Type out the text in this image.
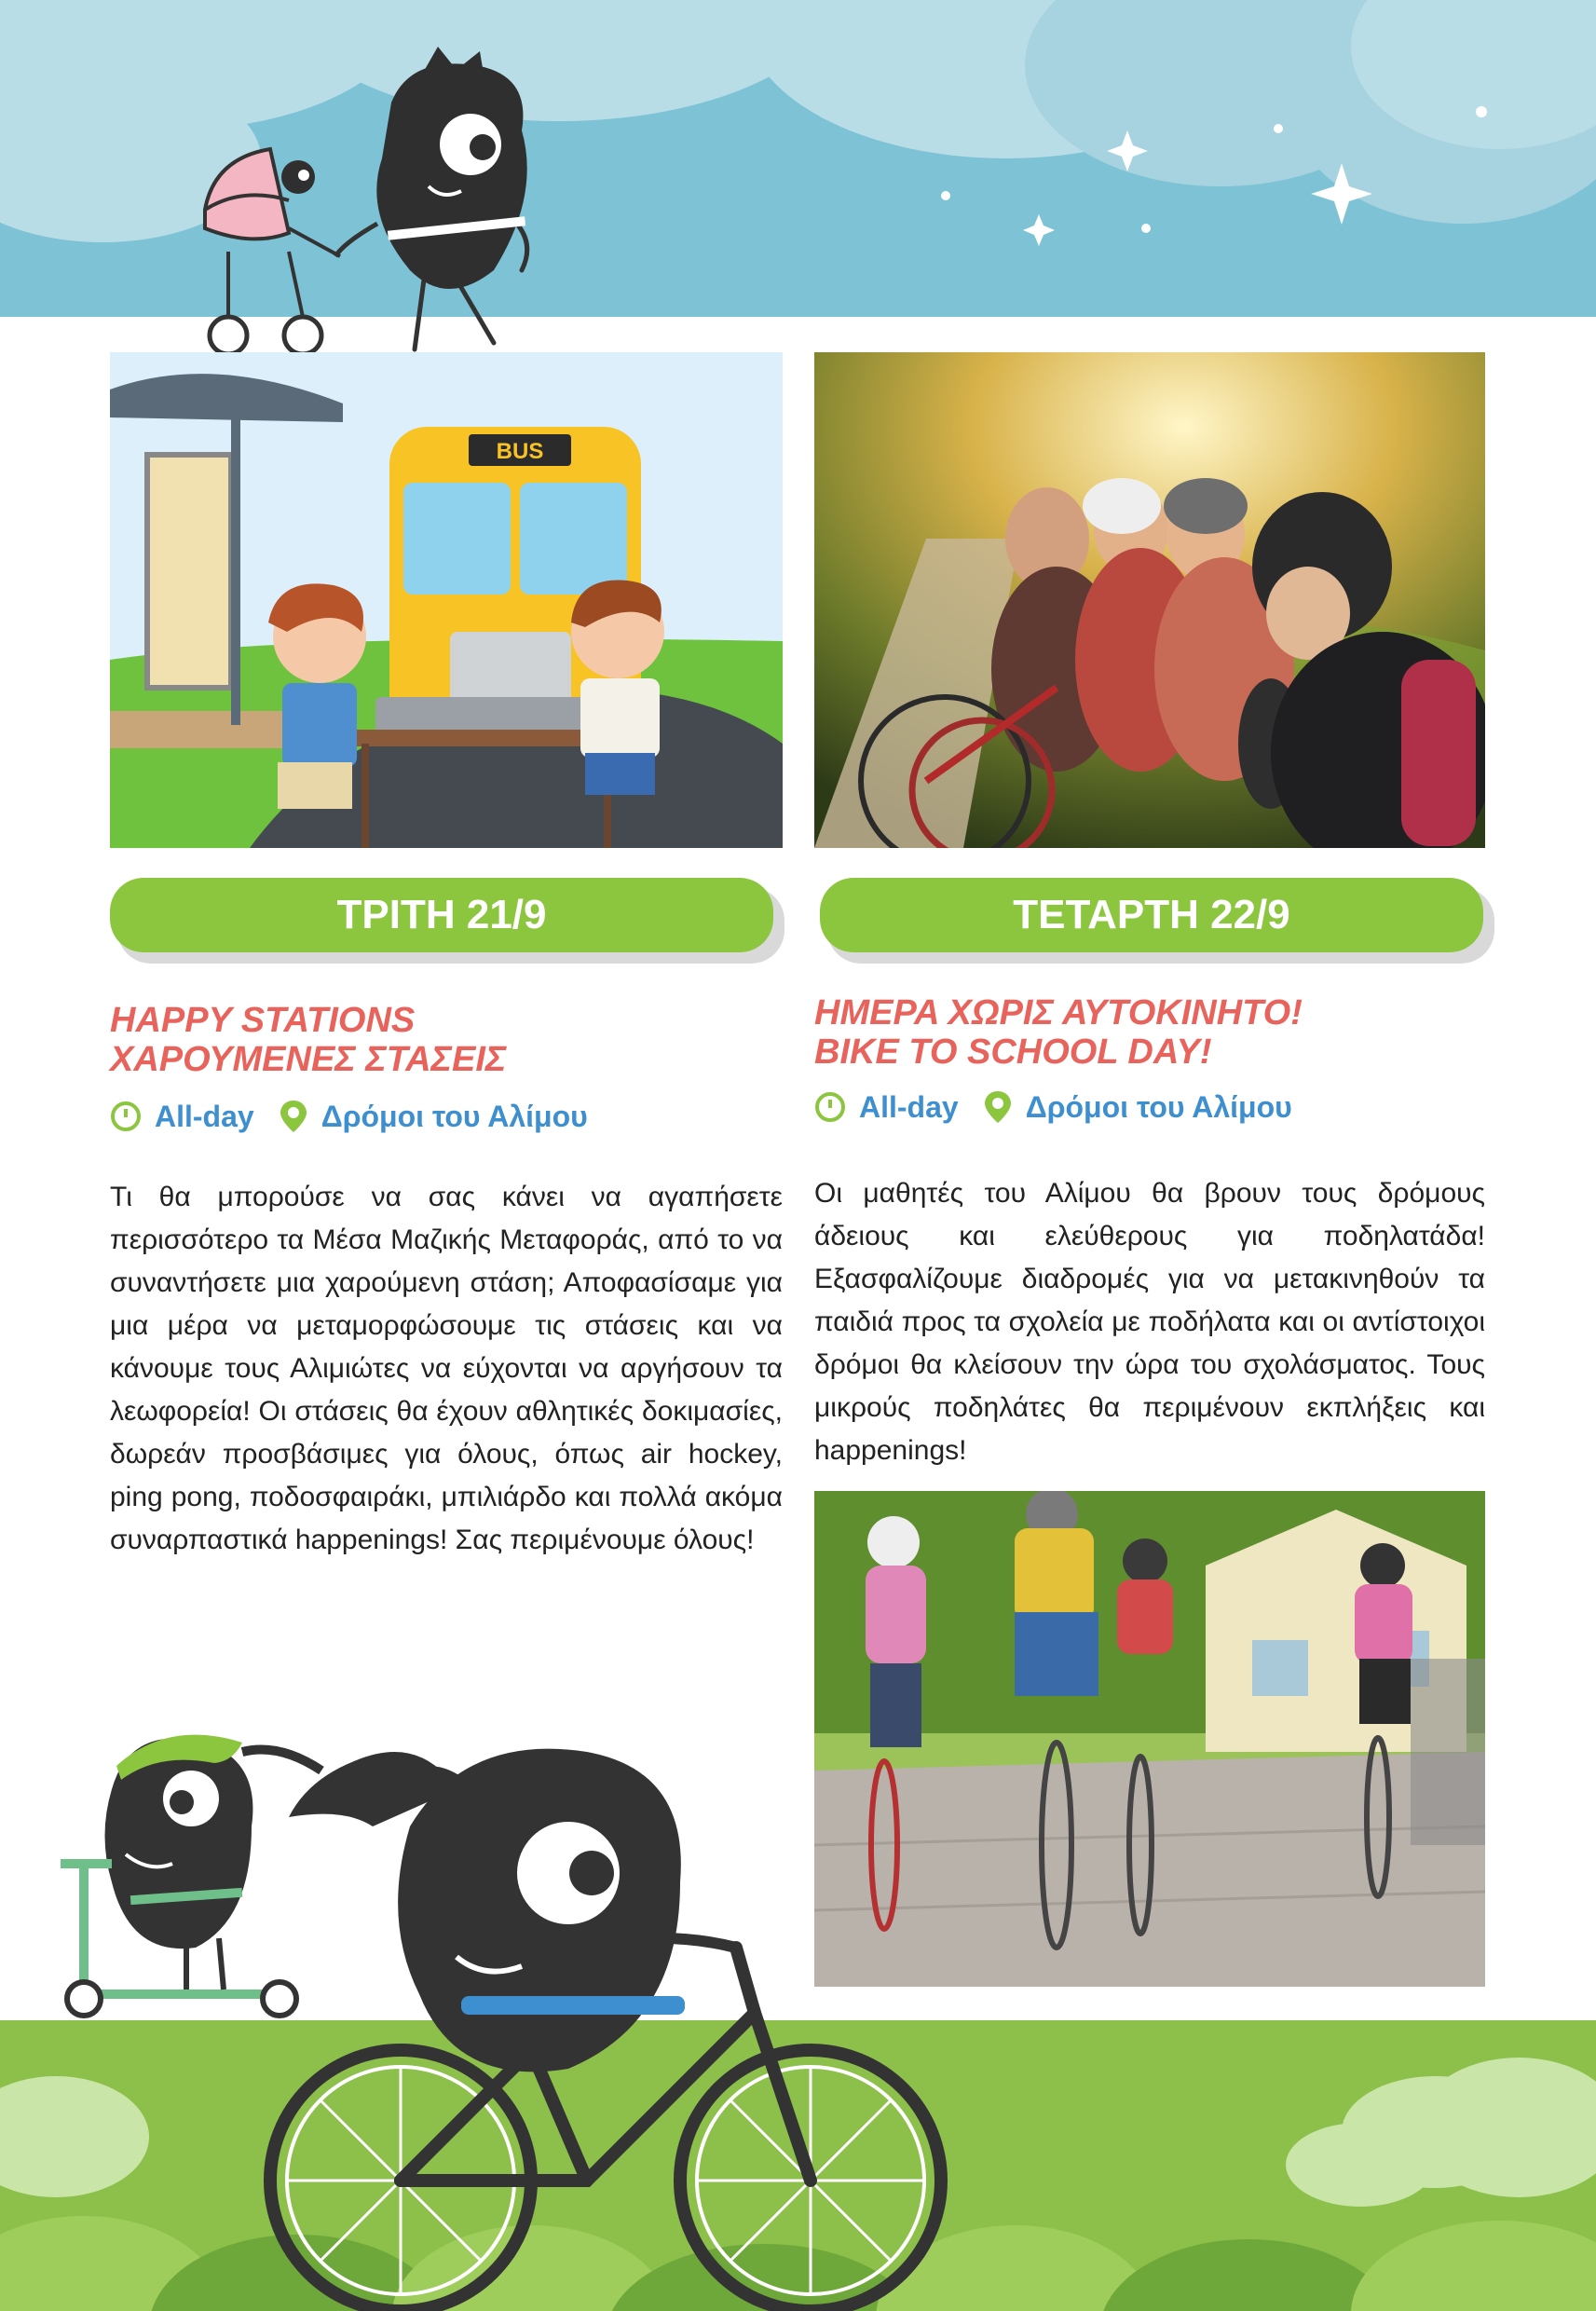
BUS
ΤΡΙΤΗ 21/9	ΤΕΤΑΡΤΗ 22/9
HAPPY STATIONS
ΧΑΡΟΥΜΕΝΕΣ ΣΤΑΣΕΙΣ
All-day Δρόμοι του Αλίμου
Τι θα μπορούσε να σας κάνει να αγαπήσετε περισσότερο τα Μέσα Μαζικής Μεταφοράς, από το να συναντήσετε μια χαρούμενη στάση; Αποφασίσαμε για μια μέρα να μεταμορφώσουμε τις στάσεις και να κάνουμε τους Αλιμιώτες να εύχονται να αργήσουν τα λεωφορεία! Οι στάσεις θα έχουν αθλητικές δοκιμασίες, δωρεάν προσβάσιμες για όλους, όπως air hockey, ping pong, ποδοσφαιράκι, μπιλιάρδο και πολλά ακόμα συναρπαστικά happenings! Σας περιμένουμε όλους!
ΗΜΕΡΑ ΧΩΡΙΣ ΑΥΤΟΚΙΝΗΤΟ!
BIKE TO SCHOOL DAY!
All-day Δρόμοι του Αλίμου
Οι μαθητές του Αλίμου θα βρουν τους δρόμους άδειους και ελεύθερους για ποδηλατάδα! Εξασφαλίζουμε διαδρομές για να μετακινηθούν τα παιδιά προς τα σχολεία με ποδήλατα και οι αντίστοιχοι δρόμοι θα κλείσουν την ώρα του σχολάσματος. Τους μικρούς ποδηλάτες θα περιμένουν εκπλήξεις και happenings!
